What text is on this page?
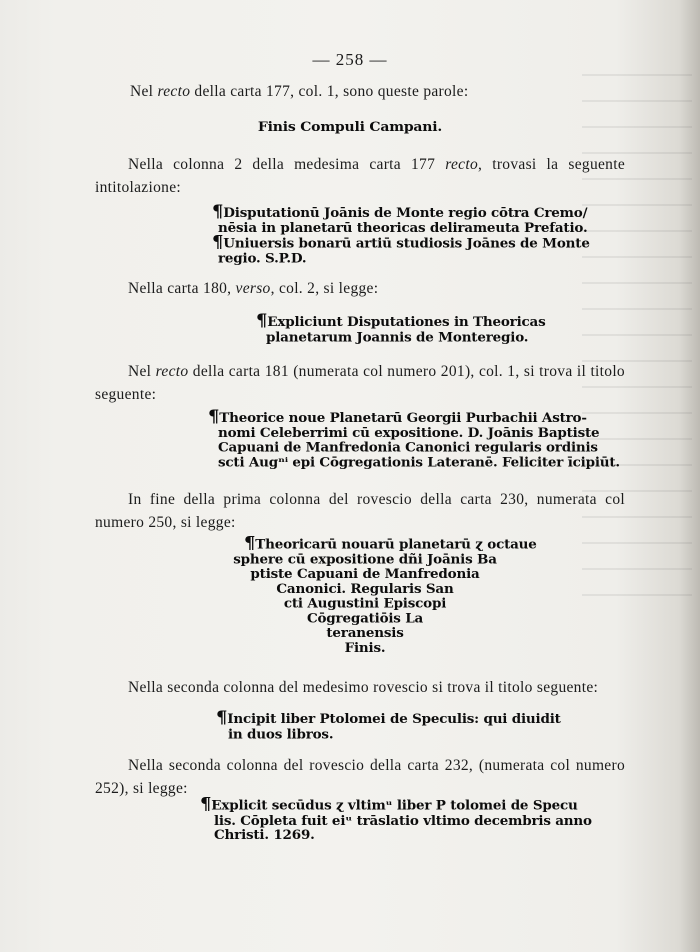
— 258 —
Nel recto della carta 177, col. 1, sono queste parole:
Finis Compuli Campani.
Nella colonna 2 della medesima carta 177 recto, trovasi la seguente intitolazione:
¶Disputationū Joānis de Monte regio cōtra Cremo/
nēsia in planetarū theoricas delirameuta Prefatio.
¶Uniuersis bonarū artiū studiosis Joānes de Monte
regio. S.P.D.
Nella carta 180, verso, col. 2, si legge:
¶Expliciunt Disputationes in Theoricas
planetarum Joannis de Monteregio.
Nel recto della carta 181 (numerata col numero 201), col. 1, si trova il titolo seguente:
¶Theorice noue Planetarū Georgii Purbachii Astro-
nomi Celeberrimi cū expositione. D. Joānis Baptiste
Capuani de Manfredonia Canonici regularis ordinis
scti Augⁿⁱ epi Cōgregationis Lateranē. Feliciter īcipiūt.
In fine della prima colonna del rovescio della carta 230, numerata col numero 250, si legge:
¶Theoricarū nouarū planetarū ɀ octaue
sphere cū expositione dñi Joānis Ba
ptiste Capuani de Manfredonia
Canonici. Regularis San
cti Augustini Episcopi
Cōgregatiōis La
teranensis
Finis.
Nella seconda colonna del medesimo rovescio si trova il titolo seguente:
¶Incipit liber Ptolomei de Speculis: qui diuidit
in duos libros.
Nella seconda colonna del rovescio della carta 232, (numerata col numero 252), si legge:
¶Explicit secūdus ɀ vltimᵘ liber P tolomei de Specu
lis. Cōpleta fuit eiᵘ trāslatio vltimo decembris anno
Christi. 1269.
